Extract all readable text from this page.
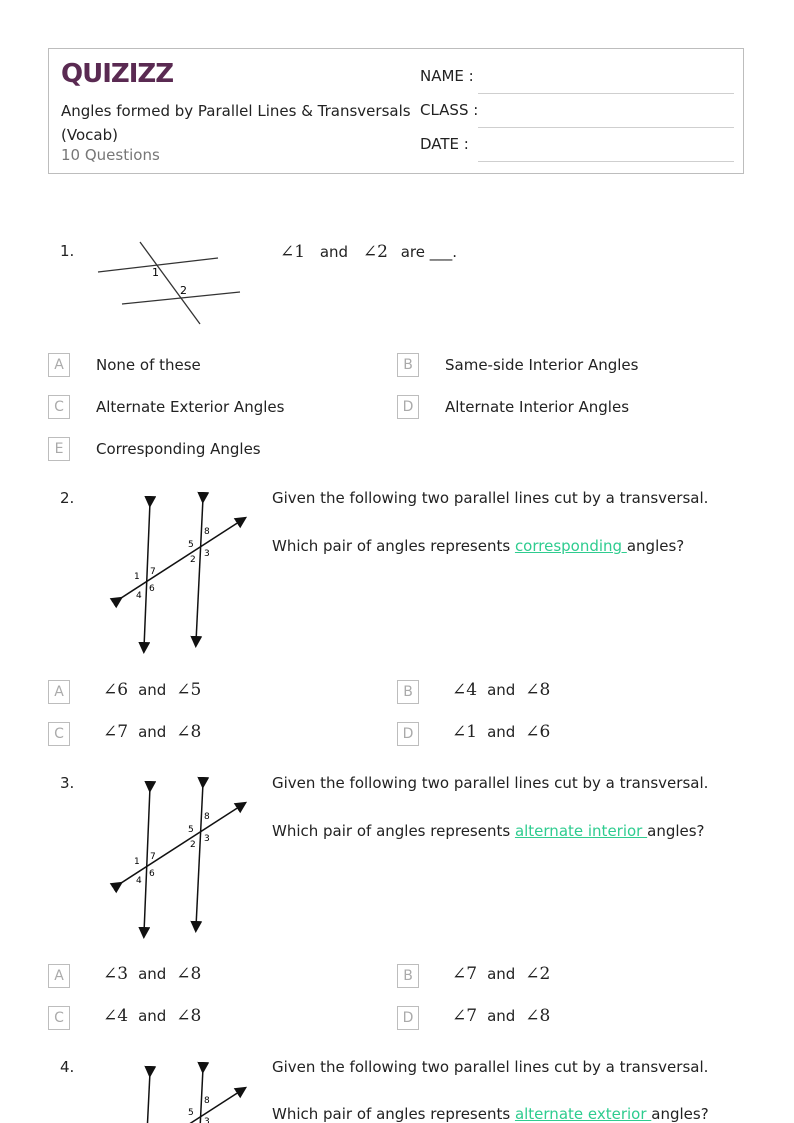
QUIZIZZ
Angles formed by Parallel Lines & Transversals (Vocab)
10 Questions
NAME :
CLASS :
DATE :
1.
1
2
∠1 and ∠2 are ___.
A	None of these	B	Same-side Interior Angles
C	Alternate Exterior Angles	D	Alternate Interior Angles
E	Corresponding Angles
2.
1 7
4
6
5
8
2
3
Given the following two parallel lines cut by a transversal.
Which pair of angles represents corresponding angles?
A	∠6 and ∠5	B	∠4 and ∠8
C	∠7 and ∠8	D	∠1 and ∠6
3.
1 7
4
6
5
8
2
3
Given the following two parallel lines cut by a transversal.
Which pair of angles represents alternate interior angles?
A	∠3 and ∠8	B	∠7 and ∠2
C	∠4 and ∠8	D	∠7 and ∠8
4.
5
8
3
Given the following two parallel lines cut by a transversal.
Which pair of angles represents alternate exterior angles?
